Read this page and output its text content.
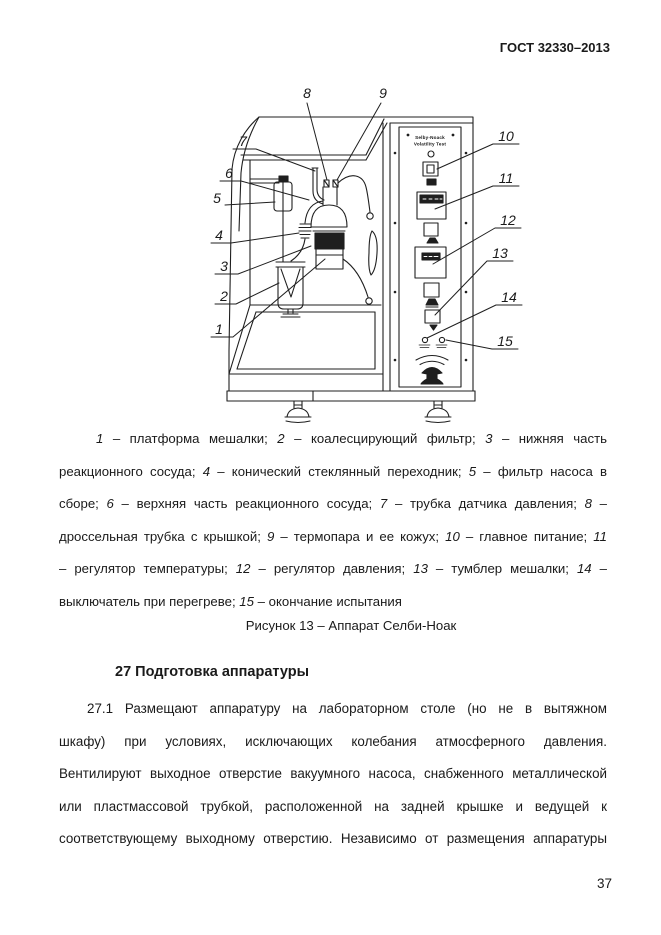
ГОСТ 32330–2013
Selby-Noack
Volatility Test
1
2
3
4
5
6
7
8	9
10
11
12
13
14
15
1 – платформа мешалки; 2 – коалесцирующий фильтр; 3 – нижняя часть
реакционного сосуда; 4 – конический стеклянный переходник; 5 – фильтр насоса в
сборе; 6 – верхняя часть реакционного сосуда; 7 – трубка датчика давления; 8 –
дроссельная трубка с крышкой; 9 – термопара и ее кожух; 10 – главное питание; 11
– регулятор температуры; 12 – регулятор давления; 13 – тумблер мешалки; 14 –
выключатель при перегреве; 15 – окончание испытания
Рисунок 13 – Аппарат Селби-Ноак
27 Подготовка аппаратуры
27.1 Размещают аппаратуру на лабораторном столе (но не в вытяжном
шкафу) при условиях, исключающих колебания атмосферного давления.
Вентилируют выходное отверстие вакуумного насоса, снабженного металлической
или пластмассовой трубкой, расположенной на задней крышке и ведущей к
соответствующему выходному отверстию. Независимо от размещения аппаратуры
37
